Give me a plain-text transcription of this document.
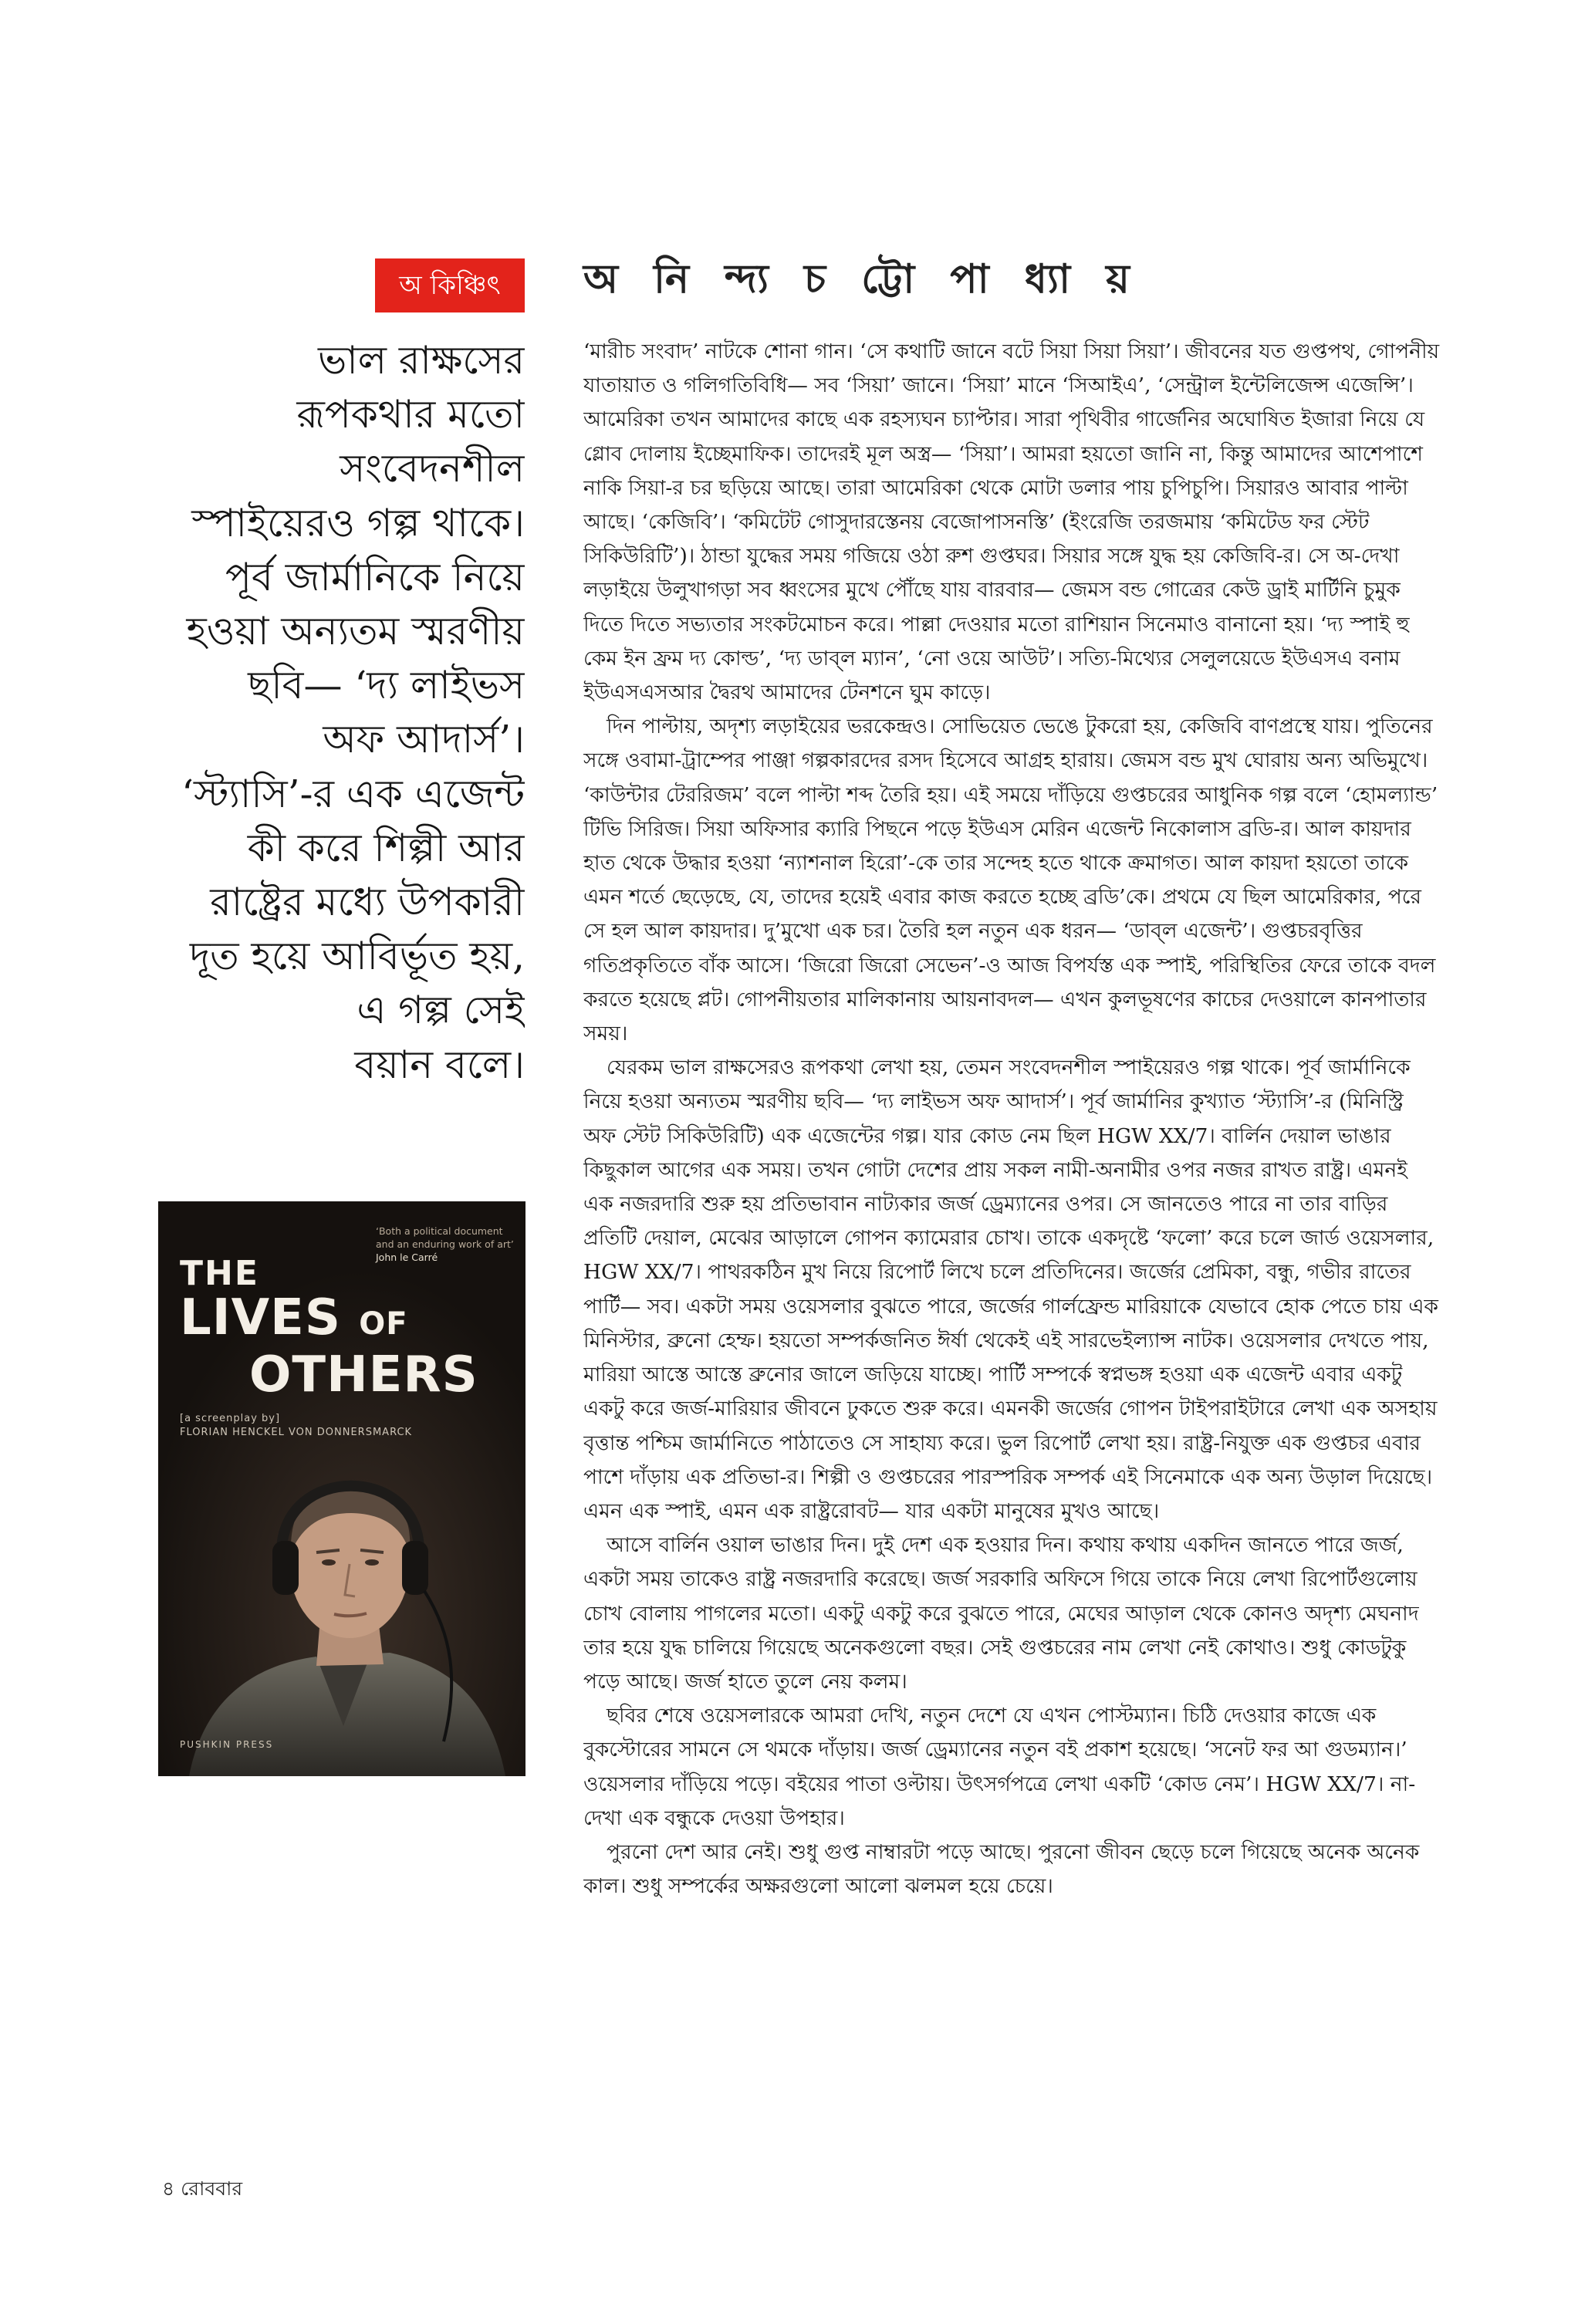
অ কিঞ্চিৎ	অ নি ন্দ্য চ ট্টো পা ধ্যা য়
ভাল রাক্ষসের
রূপকথার মতো
সংবেদনশীল
স্পাইয়েরও গল্প থাকে।
পূর্ব জার্মানিকে নিয়ে
হওয়া অন্যতম স্মরণীয়
ছবি— ‘দ্য লাইভস
অফ আদার্স’।
‘স্ট্যাসি’-র এক এজেন্ট
কী করে শিল্পী আর
রাষ্ট্রের মধ্যে উপকারী
দূত হয়ে আবির্ভূত হয়,
এ গল্প সেই
বয়ান বলে।
‘Both a political document and an enduring work of art’
John le Carré
THE
LIVES OF
OTHERS
[a screenplay by]
FLORIAN HENCKEL VON DONNERSMARCK
PUSHKIN PRESS

‘মারীচ সংবাদ’ নাটকে শোনা গান। ‘সে কথাটি জানে বটে সিয়া সিয়া সিয়া’। জীবনের যত গুপ্তপথ, গোপনীয় যাতায়াত ও গলিগতিবিধি— সব ‘সিয়া’ জানে। ‘সিয়া’ মানে ‘সিআইএ’, ‘সেন্ট্রাল ইন্টেলিজেন্স এজেন্সি’। আমেরিকা তখন আমাদের কাছে এক রহস্যঘন চ্যাপ্টার। সারা পৃথিবীর গার্জেনির অঘোষিত ইজারা নিয়ে যে গ্লোব দোলায় ইচ্ছেমাফিক। তাদেরই মূল অস্ত্র— ‘সিয়া’। আমরা হয়তো জানি না, কিন্তু আমাদের আশেপাশে নাকি সিয়া-র চর ছড়িয়ে আছে। তারা আমেরিকা থেকে মোটা ডলার পায় চুপিচুপি। সিয়ারও আবার পাল্টা আছে। ‘কেজিবি’। ‘কমিটেট গোসুদারস্তেনয় বেজোপাসনস্তি’ (ইংরেজি তরজমায় ‘কমিটেড ফর স্টেট সিকিউরিটি’)। ঠান্ডা যুদ্ধের সময় গজিয়ে ওঠা রুশ গুপ্তঘর। সিয়ার সঙ্গে যুদ্ধ হয় কেজিবি-র। সে অ-দেখা লড়াইয়ে উলুখাগড়া সব ধ্বংসের মুখে পৌঁছে যায় বারবার— জেমস বন্ড গোত্রের কেউ ড্রাই মার্টিনি চুমুক দিতে দিতে সভ্যতার সংকটমোচন করে। পাল্লা দেওয়ার মতো রাশিয়ান সিনেমাও বানানো হয়। ‘দ্য স্পাই হু কেম ইন ফ্রম দ্য কোল্ড’, ‘দ্য ডাব্‌ল ম্যান’, ‘নো ওয়ে আউট’। সত্যি-মিথ্যের সেলুলয়েডে ইউএসএ বনাম ইউএসএসআর দ্বৈরথ আমাদের টেনশনে ঘুম কাড়ে।

দিন পাল্টায়, অদৃশ্য লড়াইয়ের ভরকেন্দ্রও। সোভিয়েত ভেঙে টুকরো হয়, কেজিবি বাণপ্রস্থে যায়। পুতিনের সঙ্গে ওবামা-ট্রাম্পের পাঞ্জা গল্পকারদের রসদ হিসেবে আগ্রহ হারায়। জেমস বন্ড মুখ ঘোরায় অন্য অভিমুখে। ‘কাউন্টার টেররিজম’ বলে পাল্টা শব্দ তৈরি হয়। এই সময়ে দাঁড়িয়ে গুপ্তচরের আধুনিক গল্প বলে ‘হোমল্যান্ড’ টিভি সিরিজ। সিয়া অফিসার ক্যারি পিছনে পড়ে ইউএস মেরিন এজেন্ট নিকোলাস ব্রডি-র। আল কায়দার হাত থেকে উদ্ধার হওয়া ‘ন্যাশনাল হিরো’-কে তার সন্দেহ হতে থাকে ক্রমাগত। আল কায়দা হয়তো তাকে এমন শর্তে ছেড়েছে, যে, তাদের হয়েই এবার কাজ করতে হচ্ছে ব্রডি’কে। প্রথমে যে ছিল আমেরিকার, পরে সে হল আল কায়দার। দু’মুখো এক চর। তৈরি হল নতুন এক ধরন— ‘ডাব্‌ল এজেন্ট’। গুপ্তচরবৃত্তির গতিপ্রকৃতিতে বাঁক আসে। ‘জিরো জিরো সেভেন’-ও আজ বিপর্যস্ত এক স্পাই, পরিস্থিতির ফেরে তাকে বদল করতে হয়েছে প্লট। গোপনীয়তার মালিকানায় আয়নাবদল— এখন কুলভূষণের কাচের দেওয়ালে কানপাতার সময়।

যেরকম ভাল রাক্ষসেরও রূপকথা লেখা হয়, তেমন সংবেদনশীল স্পাইয়েরও গল্প থাকে। পূর্ব জার্মানিকে নিয়ে হওয়া অন্যতম স্মরণীয় ছবি— ‘দ্য লাইভস অফ আদার্স’। পূর্ব জার্মানির কুখ্যাত ‘স্ট্যাসি’-র (মিনিস্ট্রি অফ স্টেট সিকিউরিটি) এক এজেন্টের গল্প। যার কোড নেম ছিল HGW XX/7। বার্লিন দেয়াল ভাঙার কিছুকাল আগের এক সময়। তখন গোটা দেশের প্রায় সকল নামী-অনামীর ওপর নজর রাখত রাষ্ট্র। এমনই এক নজরদারি শুরু হয় প্রতিভাবান নাট্যকার জর্জ ড্রেম্যানের ওপর। সে জানতেও পারে না তার বাড়ির প্রতিটি দেয়াল, মেঝের আড়ালে গোপন ক্যামেরার চোখ। তাকে একদৃষ্টে ‘ফলো’ করে চলে জার্ড ওয়েসলার, HGW XX/7। পাথরকঠিন মুখ নিয়ে রিপোর্ট লিখে চলে প্রতিদিনের। জর্জের প্রেমিকা, বন্ধু, গভীর রাতের পার্টি— সব। একটা সময় ওয়েসলার বুঝতে পারে, জর্জের গার্লফ্রেন্ড মারিয়াকে যেভাবে হোক পেতে চায় এক মিনিস্টার, ব্রুনো হেম্ফ। হয়তো সম্পর্কজনিত ঈর্ষা থেকেই এই সারভেইল্যান্স নাটক। ওয়েসলার দেখতে পায়, মারিয়া আস্তে আস্তে ব্রুনোর জালে জড়িয়ে যাচ্ছে। পার্টি সম্পর্কে স্বপ্নভঙ্গ হওয়া এক এজেন্ট এবার একটু একটু করে জর্জ-মারিয়ার জীবনে ঢুকতে শুরু করে। এমনকী জর্জের গোপন টাইপরাইটারে লেখা এক অসহায় বৃত্তান্ত পশ্চিম জার্মানিতে পাঠাতেও সে সাহায্য করে। ভুল রিপোর্ট লেখা হয়। রাষ্ট্র-নিযুক্ত এক গুপ্তচর এবার পাশে দাঁড়ায় এক প্রতিভা-র। শিল্পী ও গুপ্তচরের পারস্পরিক সম্পর্ক এই সিনেমাকে এক অন্য উড়াল দিয়েছে। এমন এক স্পাই, এমন এক রাষ্ট্ররোবট— যার একটা মানুষের মুখও আছে।

আসে বার্লিন ওয়াল ভাঙার দিন। দুই দেশ এক হওয়ার দিন। কথায় কথায় একদিন জানতে পারে জর্জ, একটা সময় তাকেও রাষ্ট্র নজরদারি করেছে। জর্জ সরকারি অফিসে গিয়ে তাকে নিয়ে লেখা রিপোর্টগুলোয় চোখ বোলায় পাগলের মতো। একটু একটু করে বুঝতে পারে, মেঘের আড়াল থেকে কোনও অদৃশ্য মেঘনাদ তার হয়ে যুদ্ধ চালিয়ে গিয়েছে অনেকগুলো বছর। সেই গুপ্তচরের নাম লেখা নেই কোথাও। শুধু কোডটুকু পড়ে আছে। জর্জ হাতে তুলে নেয় কলম।

ছবির শেষে ওয়েসলারকে আমরা দেখি, নতুন দেশে যে এখন পোস্টম্যান। চিঠি দেওয়ার কাজে এক বুকস্টোরের সামনে সে থমকে দাঁড়ায়। জর্জ ড্রেম্যানের নতুন বই প্রকাশ হয়েছে। ‘সনেট ফর আ গুডম্যান।’ ওয়েসলার দাঁড়িয়ে পড়ে। বইয়ের পাতা ওল্টায়। উৎসর্গপত্রে লেখা একটি ‘কোড নেম’। HGW XX/7। না-দেখা এক বন্ধুকে দেওয়া উপহার।

পুরনো দেশ আর নেই। শুধু গুপ্ত নাম্বারটা পড়ে আছে। পুরনো জীবন ছেড়ে চলে গিয়েছে অনেক অনেক কাল। শুধু সম্পর্কের অক্ষরগুলো আলো ঝলমল হয়ে চেয়ে।

৪ রোববার
